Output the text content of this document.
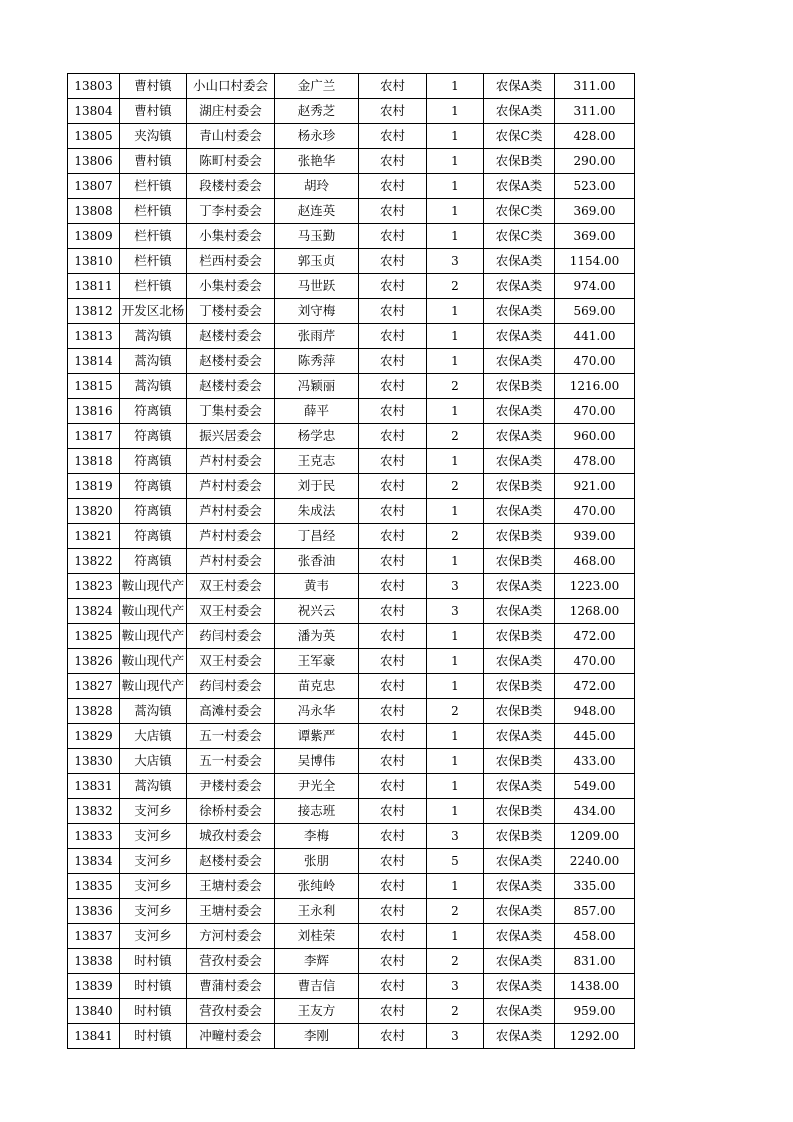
13803	曹村镇	小山口村委会	金广兰	农村	1	农保A类	311.00
13804	曹村镇	湖庄村委会	赵秀芝	农村	1	农保A类	311.00
13805	夹沟镇	青山村委会	杨永珍	农村	1	农保C类	428.00
13806	曹村镇	陈町村委会	张艳华	农村	1	农保B类	290.00
13807	栏杆镇	段楼村委会	胡玲	农村	1	农保A类	523.00
13808	栏杆镇	丁李村委会	赵连英	农村	1	农保C类	369.00
13809	栏杆镇	小集村委会	马玉勤	农村	1	农保C类	369.00
13810	栏杆镇	栏西村委会	郭玉贞	农村	3	农保A类	1154.00
13811	栏杆镇	小集村委会	马世跃	农村	2	农保A类	974.00
13812	开发区北杨	丁楼村委会	刘守梅	农村	1	农保A类	569.00
13813	蒿沟镇	赵楼村委会	张雨芹	农村	1	农保A类	441.00
13814	蒿沟镇	赵楼村委会	陈秀萍	农村	1	农保A类	470.00
13815	蒿沟镇	赵楼村委会	冯颖丽	农村	2	农保B类	1216.00
13816	符离镇	丁集村委会	薛平	农村	1	农保A类	470.00
13817	符离镇	振兴居委会	杨学忠	农村	2	农保A类	960.00
13818	符离镇	芦村村委会	王克志	农村	1	农保A类	478.00
13819	符离镇	芦村村委会	刘于民	农村	2	农保B类	921.00
13820	符离镇	芦村村委会	朱成法	农村	1	农保A类	470.00
13821	符离镇	芦村村委会	丁昌经	农村	2	农保B类	939.00
13822	符离镇	芦村村委会	张香油	农村	1	农保B类	468.00
13823	鞍山现代产	双王村委会	黄韦	农村	3	农保A类	1223.00
13824	鞍山现代产	双王村委会	祝兴云	农村	3	农保A类	1268.00
13825	鞍山现代产	药闫村委会	潘为英	农村	1	农保B类	472.00
13826	鞍山现代产	双王村委会	王军豪	农村	1	农保A类	470.00
13827	鞍山现代产	药闫村委会	苗克忠	农村	1	农保B类	472.00
13828	蒿沟镇	高滩村委会	冯永华	农村	2	农保B类	948.00
13829	大店镇	五一村委会	谭紫严	农村	1	农保A类	445.00
13830	大店镇	五一村委会	吴博伟	农村	1	农保B类	433.00
13831	蒿沟镇	尹楼村委会	尹光全	农村	1	农保A类	549.00
13832	支河乡	徐桥村委会	接志班	农村	1	农保B类	434.00
13833	支河乡	城孜村委会	李梅	农村	3	农保B类	1209.00
13834	支河乡	赵楼村委会	张朋	农村	5	农保A类	2240.00
13835	支河乡	王塘村委会	张纯岭	农村	1	农保A类	335.00
13836	支河乡	王塘村委会	王永利	农村	2	农保A类	857.00
13837	支河乡	方河村委会	刘桂荣	农村	1	农保A类	458.00
13838	时村镇	营孜村委会	李辉	农村	2	农保A类	831.00
13839	时村镇	曹蒲村委会	曹吉信	农村	3	农保A类	1438.00
13840	时村镇	营孜村委会	王友方	农村	2	农保A类	959.00
13841	时村镇	冲疃村委会	李刚	农村	3	农保A类	1292.00
